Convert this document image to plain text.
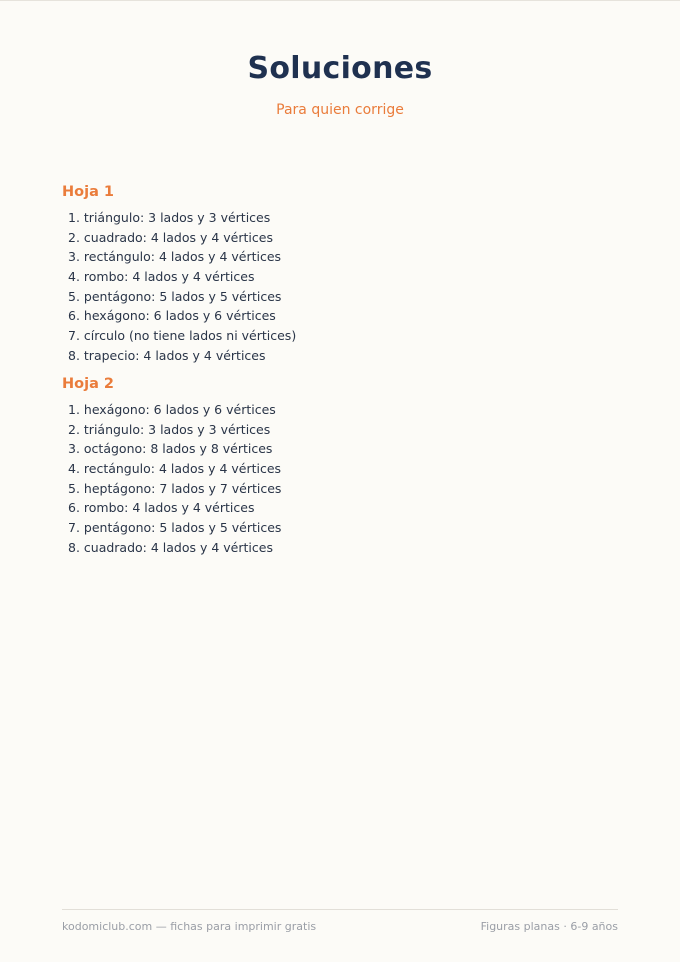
Soluciones

Para quien corrige

Hoja 1
1. triángulo: 3 lados y 3 vértices
2. cuadrado: 4 lados y 4 vértices
3. rectángulo: 4 lados y 4 vértices
4. rombo: 4 lados y 4 vértices
5. pentágono: 5 lados y 5 vértices
6. hexágono: 6 lados y 6 vértices
7. círculo (no tiene lados ni vértices)
8. trapecio: 4 lados y 4 vértices
Hoja 2
1. hexágono: 6 lados y 6 vértices
2. triángulo: 3 lados y 3 vértices
3. octágono: 8 lados y 8 vértices
4. rectángulo: 4 lados y 4 vértices
5. heptágono: 7 lados y 7 vértices
6. rombo: 4 lados y 4 vértices
7. pentágono: 5 lados y 5 vértices
8. cuadrado: 4 lados y 4 vértices
kodomiclub.com — fichas para imprimir gratis	Figuras planas · 6-9 años
